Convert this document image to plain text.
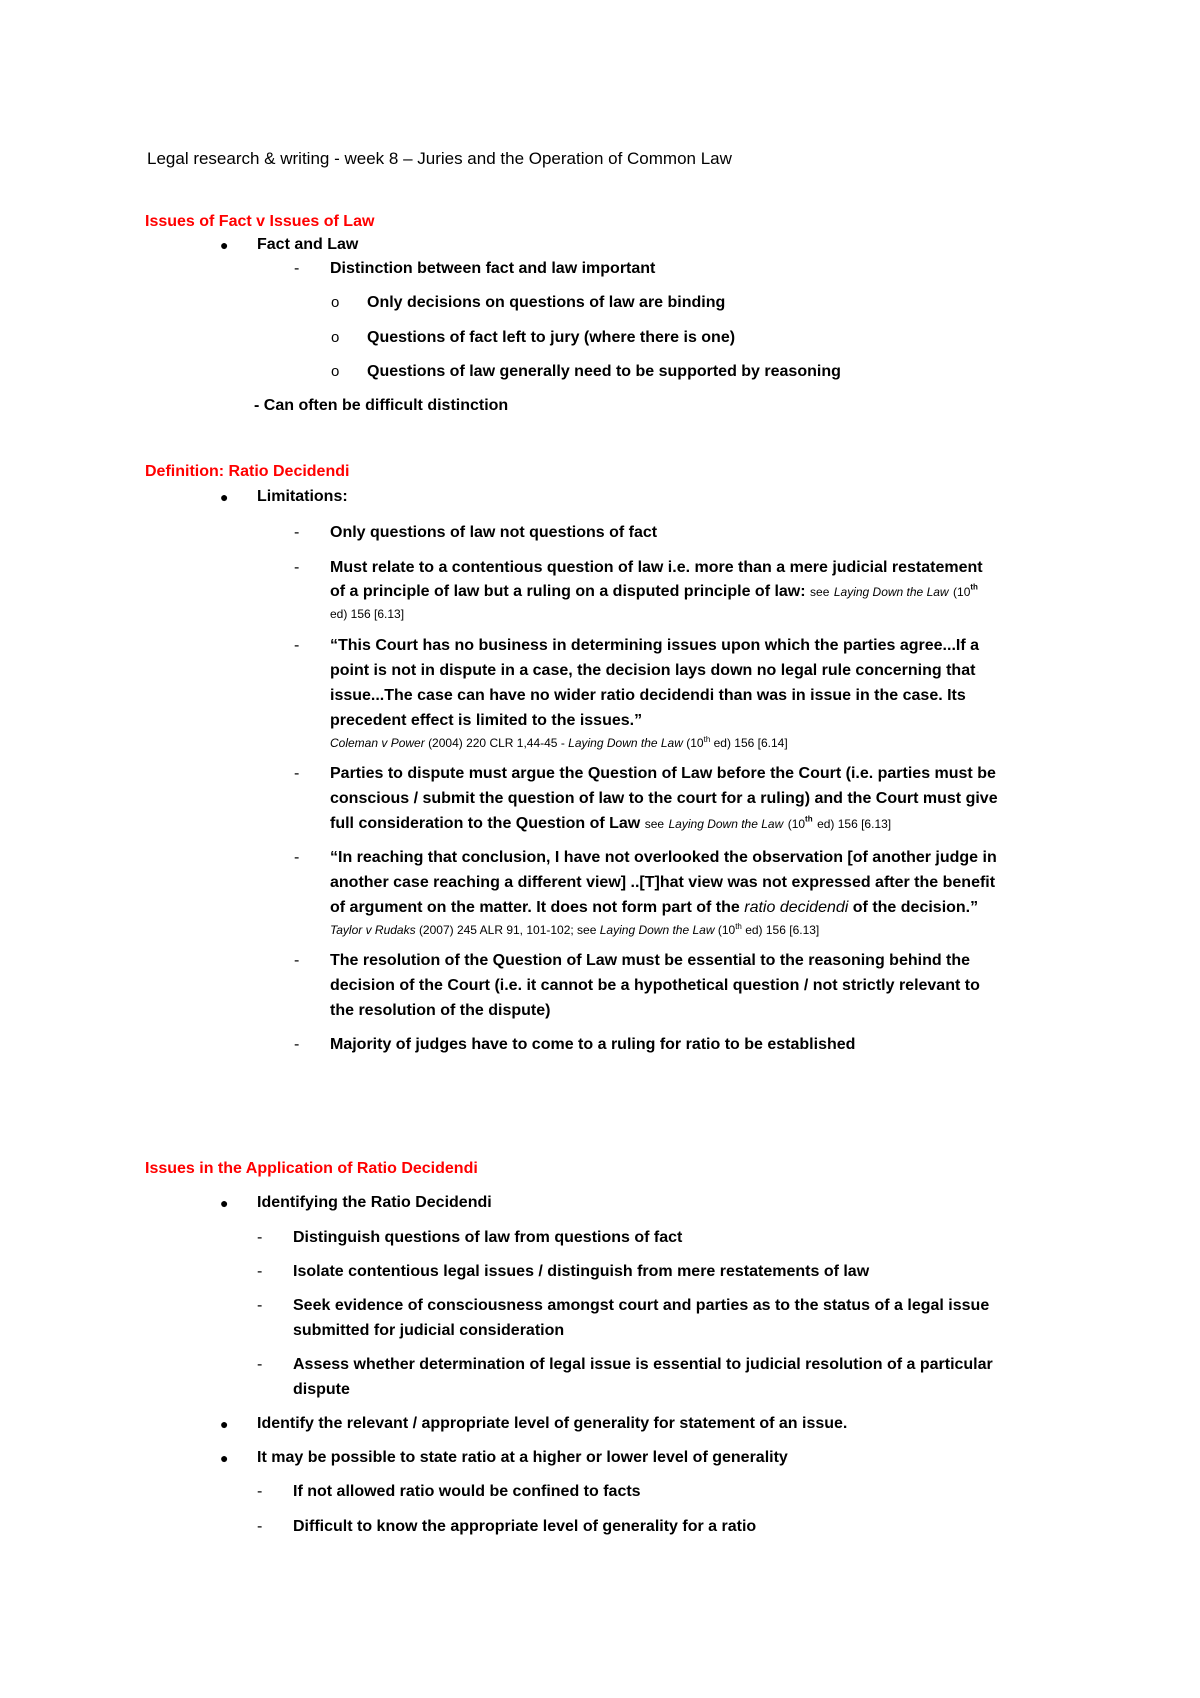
Legal research & writing - week 8 – Juries and the Operation of Common Law
Issues of Fact v Issues of Law
● Fact and Law
- Distinction between fact and law important
o Only decisions on questions of law are binding
o Questions of fact left to jury (where there is one)
o Questions of law generally need to be supported by reasoning
- Can often be difficult distinction
Definition: Ratio Decidendi
● Limitations:
- Only questions of law not questions of fact
- Must relate to a contentious question of law i.e. more than a mere judicial restatement
of a principle of law but a ruling on a disputed principle of law: see Laying Down the Law (10th
ed) 156 [6.13]
- “This Court has no business in determining issues upon which the parties agree...If a
point is not in dispute in a case, the decision lays down no legal rule concerning that
issue...The case can have no wider ratio decidendi than was in issue in the case. Its
precedent effect is limited to the issues.”
Coleman v Power (2004) 220 CLR 1,44-45 - Laying Down the Law (10th ed) 156 [6.14]
- Parties to dispute must argue the Question of Law before the Court (i.e. parties must be
conscious / submit the question of law to the court for a ruling) and the Court must give
full consideration to the Question of Law see Laying Down the Law (10th ed) 156 [6.13]
- “In reaching that conclusion, I have not overlooked the observation [of another judge in
another case reaching a different view] ..[T]hat view was not expressed after the benefit
of argument on the matter. It does not form part of the ratio decidendi of the decision.”
Taylor v Rudaks (2007) 245 ALR 91, 101-102; see Laying Down the Law (10th ed) 156 [6.13]
- The resolution of the Question of Law must be essential to the reasoning behind the
decision of the Court (i.e. it cannot be a hypothetical question / not strictly relevant to
the resolution of the dispute)
- Majority of judges have to come to a ruling for ratio to be established
Issues in the Application of Ratio Decidendi
● Identifying the Ratio Decidendi
- Distinguish questions of law from questions of fact
- Isolate contentious legal issues / distinguish from mere restatements of law
- Seek evidence of consciousness amongst court and parties as to the status of a legal issue
submitted for judicial consideration
- Assess whether determination of legal issue is essential to judicial resolution of a particular
dispute
● Identify the relevant / appropriate level of generality for statement of an issue.
● It may be possible to state ratio at a higher or lower level of generality
- If not allowed ratio would be confined to facts
- Difficult to know the appropriate level of generality for a ratio
